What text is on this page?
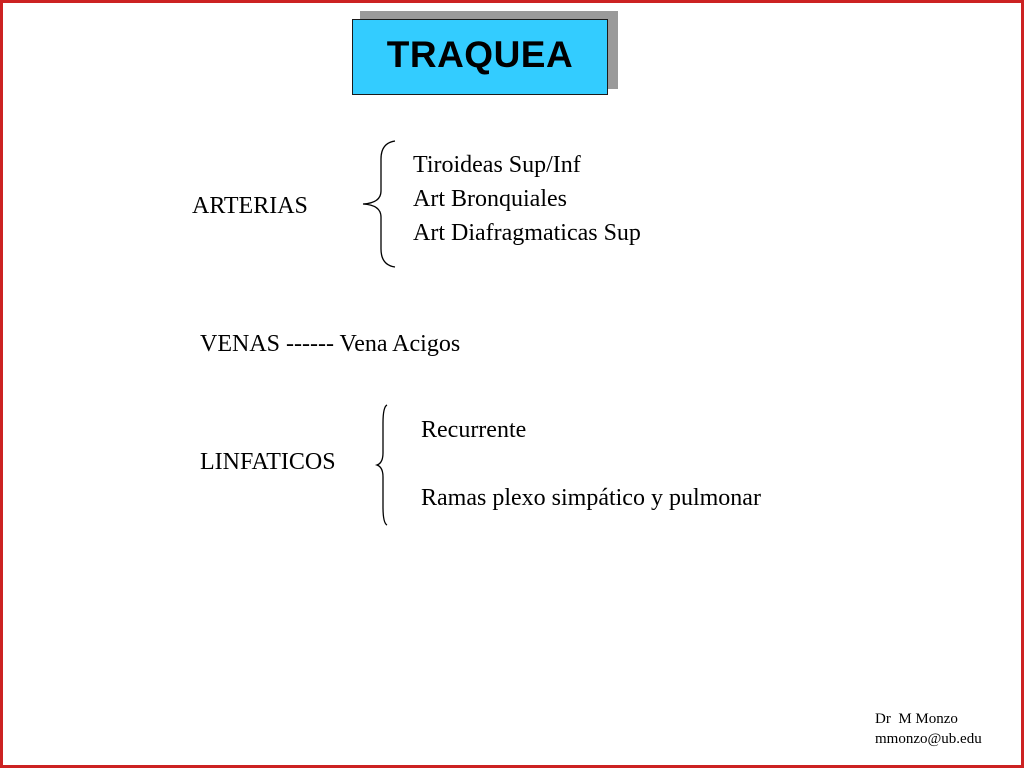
TRAQUEA
ARTERIAS
Tiroideas Sup/Inf
Art Bronquiales
Art Diafragmaticas Sup
VENAS ------ Vena Acigos
LINFATICOS
Recurrente
Ramas plexo simpático y pulmonar
Dr  M Monzo
mmonzo@ub.edu
